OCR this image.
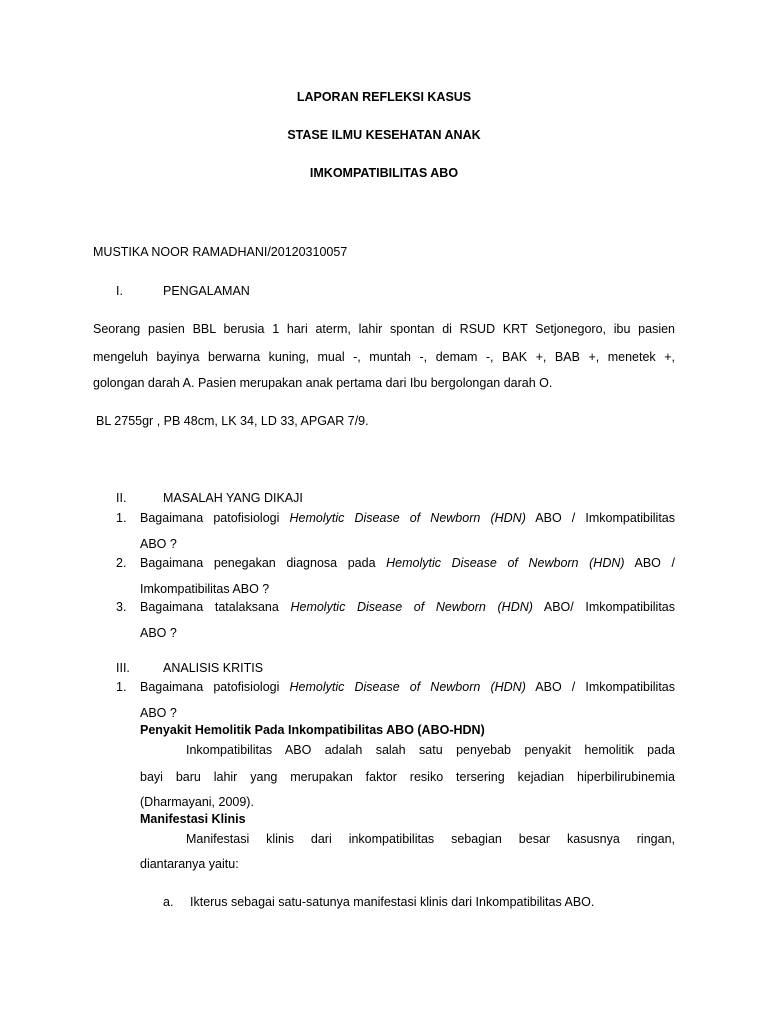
LAPORAN REFLEKSI KASUS
STASE ILMU KESEHATAN ANAK
IMKOMPATIBILITAS ABO
MUSTIKA NOOR RAMADHANI/20120310057
I.	PENGALAMAN
Seorang pasien BBL berusia 1 hari aterm, lahir spontan di RSUD KRT Setjonegoro, ibu pasien
mengeluh bayinya berwarna kuning, mual -, muntah -, demam -, BAK +, BAB +, menetek +,
golongan darah A. Pasien merupakan anak pertama dari Ibu bergolongan darah O.
BL 2755gr , PB 48cm, LK 34, LD 33, APGAR 7/9.
II.	MASALAH YANG DIKAJI
1. Bagaimana patofisiologi Hemolytic Disease of Newborn (HDN) ABO / Imkompatibilitas
ABO ?
2. Bagaimana penegakan diagnosa pada Hemolytic Disease of Newborn (HDN) ABO /
Imkompatibilitas ABO ?
3. Bagaimana tatalaksana Hemolytic Disease of Newborn (HDN) ABO/ Imkompatibilitas
ABO ?
III.	ANALISIS KRITIS
1. Bagaimana patofisiologi Hemolytic Disease of Newborn (HDN) ABO / Imkompatibilitas
ABO ?
Penyakit Hemolitik Pada Inkompatibilitas ABO (ABO-HDN)
Inkompatibilitas ABO adalah salah satu penyebab penyakit hemolitik pada
bayi baru lahir yang merupakan faktor resiko tersering kejadian hiperbilirubinemia
(Dharmayani, 2009).
Manifestasi Klinis
Manifestasi klinis dari inkompatibilitas sebagian besar kasusnya ringan,
diantaranya yaitu:
a. Ikterus sebagai satu-satunya manifestasi klinis dari Inkompatibilitas ABO.
